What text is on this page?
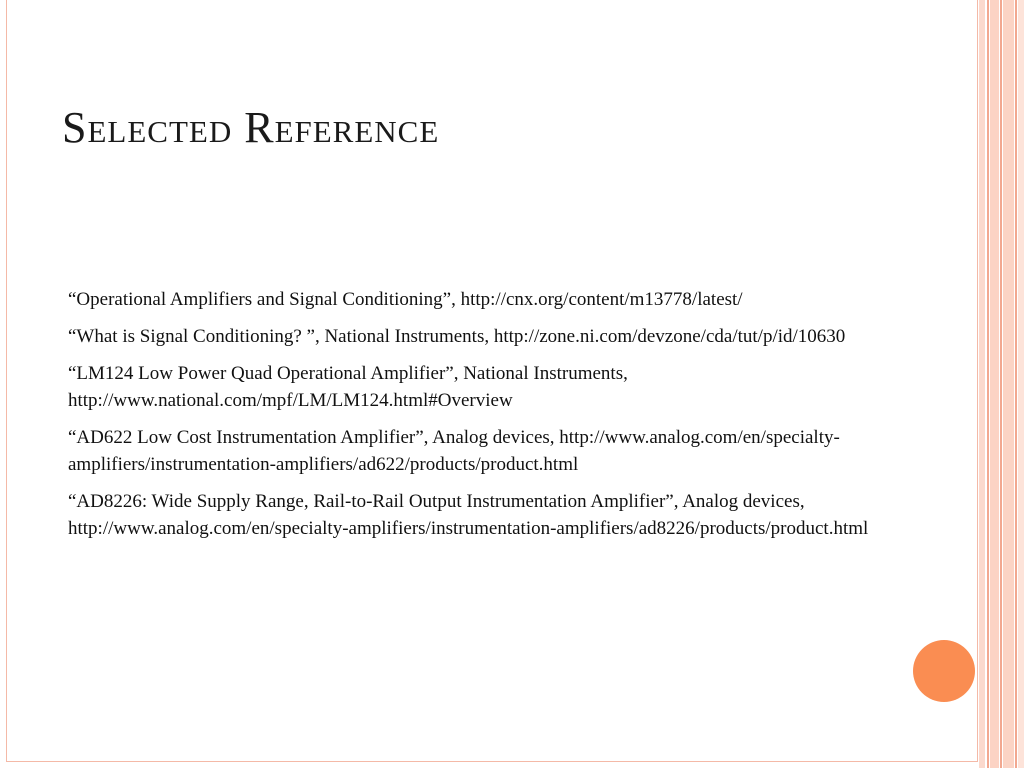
Selected Reference
“Operational Amplifiers and Signal Conditioning”, http://cnx.org/content/m13778/latest/
“What is Signal Conditioning? ”, National Instruments, http://zone.ni.com/devzone/cda/tut/p/id/10630
“LM124 Low Power Quad Operational Amplifier”, National Instruments, http://www.national.com/mpf/LM/LM124.html#Overview
“AD622 Low Cost Instrumentation Amplifier”, Analog devices, http://www.analog.com/en/specialty-amplifiers/instrumentation-amplifiers/ad622/products/product.html
“AD8226: Wide Supply Range, Rail-to-Rail Output Instrumentation Amplifier”, Analog devices, http://www.analog.com/en/specialty-amplifiers/instrumentation-amplifiers/ad8226/products/product.html
